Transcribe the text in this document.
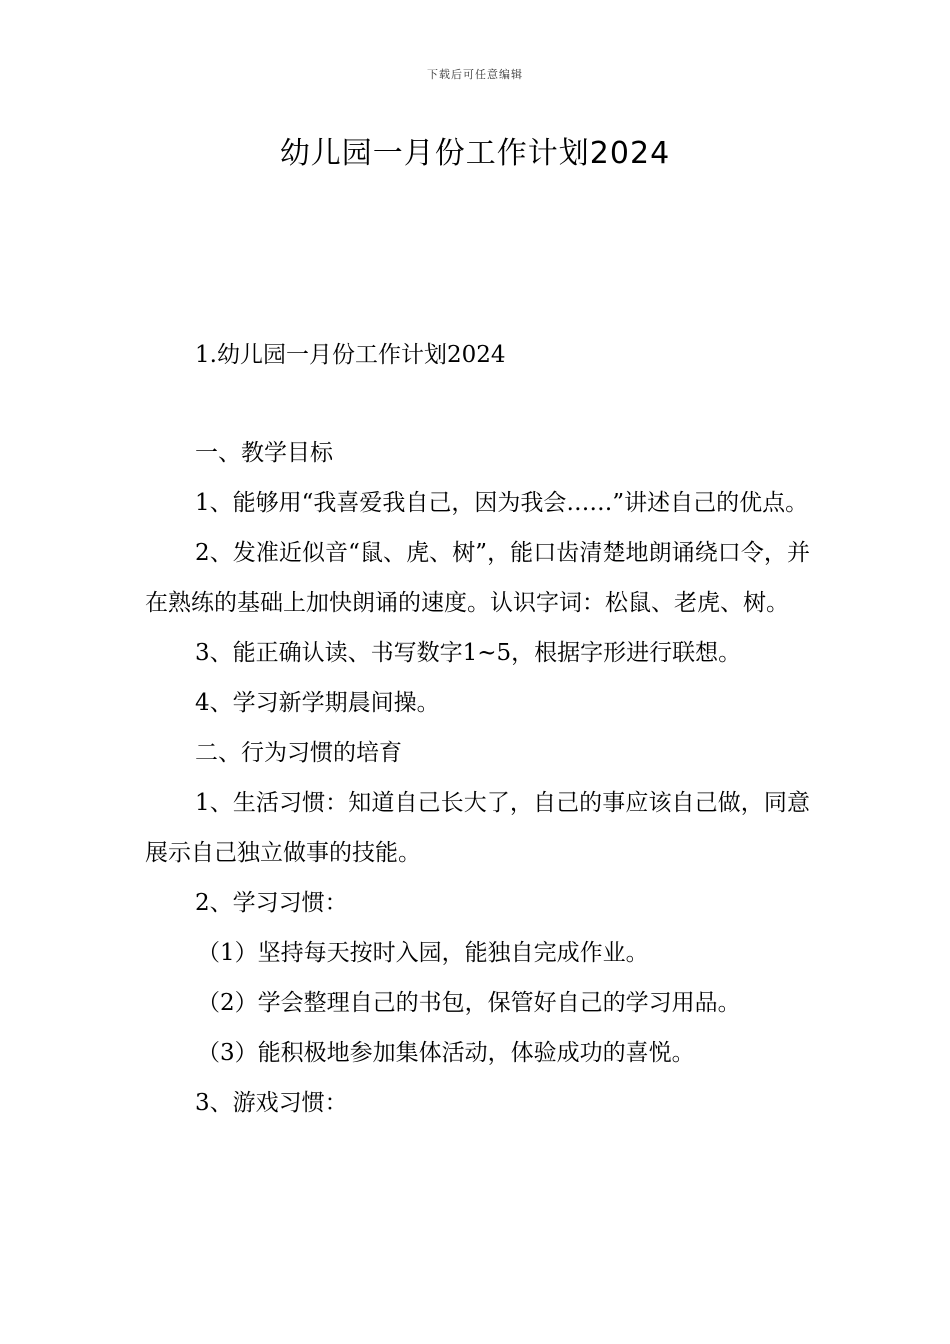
下载后可任意编辑
幼儿园一月份工作计划2024

1.幼儿园一月份工作计划2024

一、教学目标

1、能够用“我喜爱我自己，因为我会……”讲述自己的优点。

2、发准近似音“鼠、虎、树”，能口齿清楚地朗诵绕口令，并在熟练的基础上加快朗诵的速度。认识字词：松鼠、老虎、树。

3、能正确认读、书写数字1~5，根据字形进行联想。

4、学习新学期晨间操。

二、行为习惯的培育

1、生活习惯：知道自己长大了，自己的事应该自己做，同意展示自己独立做事的技能。

2、学习习惯：

（1）坚持每天按时入园，能独自完成作业。

（2）学会整理自己的书包，保管好自己的学习用品。

（3）能积极地参加集体活动，体验成功的喜悦。

3、游戏习惯：
